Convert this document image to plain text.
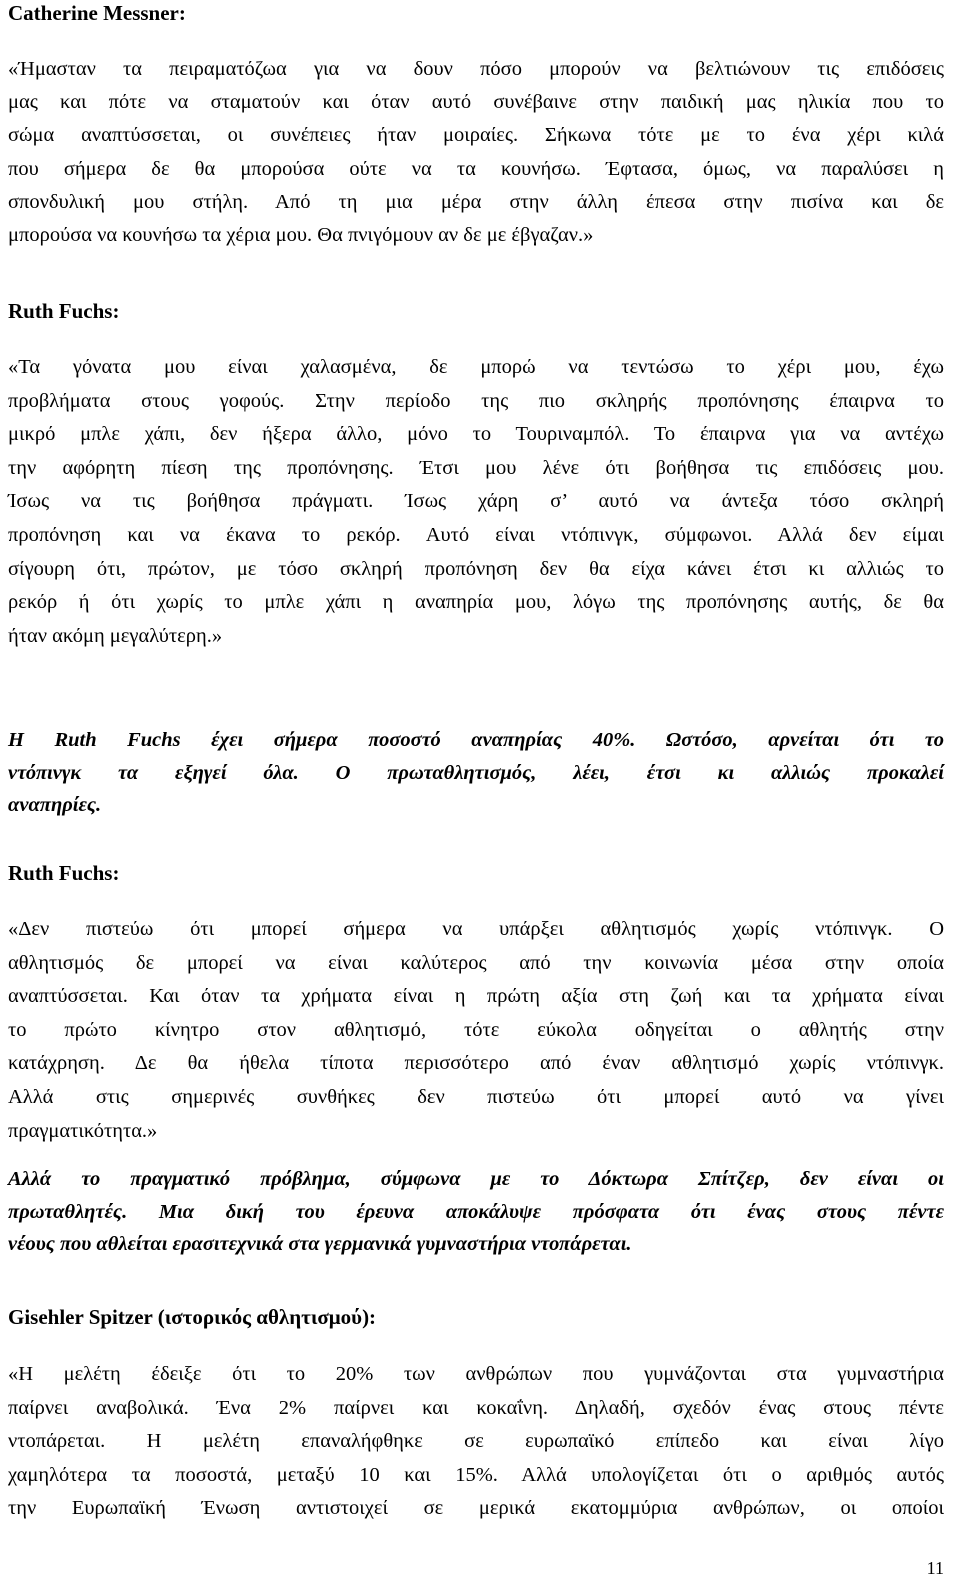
Catherine Messner:

«Ήμασταν τα πειραματόζωα για να δουν πόσο μπορούν να βελτιώνουν τις επιδόσεις
μας και πότε να σταματούν και όταν αυτό συνέβαινε στην παιδική μας ηλικία που το
σώμα αναπτύσσεται, οι συνέπειες ήταν μοιραίες. Σήκωνα τότε με το ένα χέρι κιλά
που σήμερα δε θα μπορούσα ούτε να τα κουνήσω. Έφτασα, όμως, να παραλύσει η
σπονδυλική μου στήλη. Από τη μια μέρα στην άλλη έπεσα στην πισίνα και δε
μπορούσα να κουνήσω τα χέρια μου. Θα πνιγόμουν αν δε με έβγαζαν.»

Ruth Fuchs:

«Τα γόνατα μου είναι χαλασμένα, δε μπορώ να τεντώσω το χέρι μου, έχω
προβλήματα στους γοφούς. Στην περίοδο της πιο σκληρής προπόνησης έπαιρνα το
μικρό μπλε χάπι, δεν ήξερα άλλο, μόνο το Τουριναμπόλ. Το έπαιρνα για να αντέχω
την αφόρητη πίεση της προπόνησης. Έτσι μου λένε ότι βοήθησα τις επιδόσεις μου.
Ίσως να τις βοήθησα πράγματι. Ίσως χάρη σ’ αυτό να άντεξα τόσο σκληρή
προπόνηση και να έκανα το ρεκόρ. Αυτό είναι ντόπινγκ, σύμφωνοι. Αλλά δεν είμαι
σίγουρη ότι, πρώτον, με τόσο σκληρή προπόνηση δεν θα είχα κάνει έτσι κι αλλιώς το
ρεκόρ ή ότι χωρίς το μπλε χάπι η αναπηρία μου, λόγω της προπόνησης αυτής, δε θα
ήταν ακόμη μεγαλύτερη.»
Η Ruth Fuchs έχει σήμερα ποσοστό αναπηρίας 40%. Ωστόσο, αρνείται ότι το
ντόπινγκ τα εξηγεί όλα. Ο πρωταθλητισμός, λέει, έτσι κι αλλιώς προκαλεί
αναπηρίες.

Ruth Fuchs:

«Δεν πιστεύω ότι μπορεί σήμερα να υπάρξει αθλητισμός χωρίς ντόπινγκ. Ο
αθλητισμός δε μπορεί να είναι καλύτερος από την κοινωνία μέσα στην οποία
αναπτύσσεται. Και όταν τα χρήματα είναι η πρώτη αξία στη ζωή και τα χρήματα είναι
το πρώτο κίνητρο στον αθλητισμό, τότε εύκολα οδηγείται ο αθλητής στην
κατάχρηση. Δε θα ήθελα τίποτα περισσότερο από έναν αθλητισμό χωρίς ντόπινγκ.
Αλλά στις σημερινές συνθήκες δεν πιστεύω ότι μπορεί αυτό να γίνει
πραγματικότητα.»
Αλλά το πραγματικό πρόβλημα, σύμφωνα με το Δόκτωρα Σπίτζερ, δεν είναι οι
πρωταθλητές. Μια δική του έρευνα αποκάλυψε πρόσφατα ότι ένας στους πέντε
νέους που αθλείται ερασιτεχνικά στα γερμανικά γυμναστήρια ντοπάρεται.

Gisehler Spitzer (ιστορικός αθλητισμού):

«Η μελέτη έδειξε ότι το 20% των ανθρώπων που γυμνάζονται στα γυμναστήρια
παίρνει αναβολικά. Ένα 2% παίρνει και κοκαΐνη. Δηλαδή, σχεδόν ένας στους πέντε
ντοπάρεται. Η μελέτη επαναλήφθηκε σε ευρωπαϊκό επίπεδο και είναι λίγο
χαμηλότερα τα ποσοστά, μεταξύ 10 και 15%. Αλλά υπολογίζεται ότι ο αριθμός αυτός
την Ευρωπαϊκή Ένωση αντιστοιχεί σε μερικά εκατομμύρια ανθρώπων, οι οποίοι
11
